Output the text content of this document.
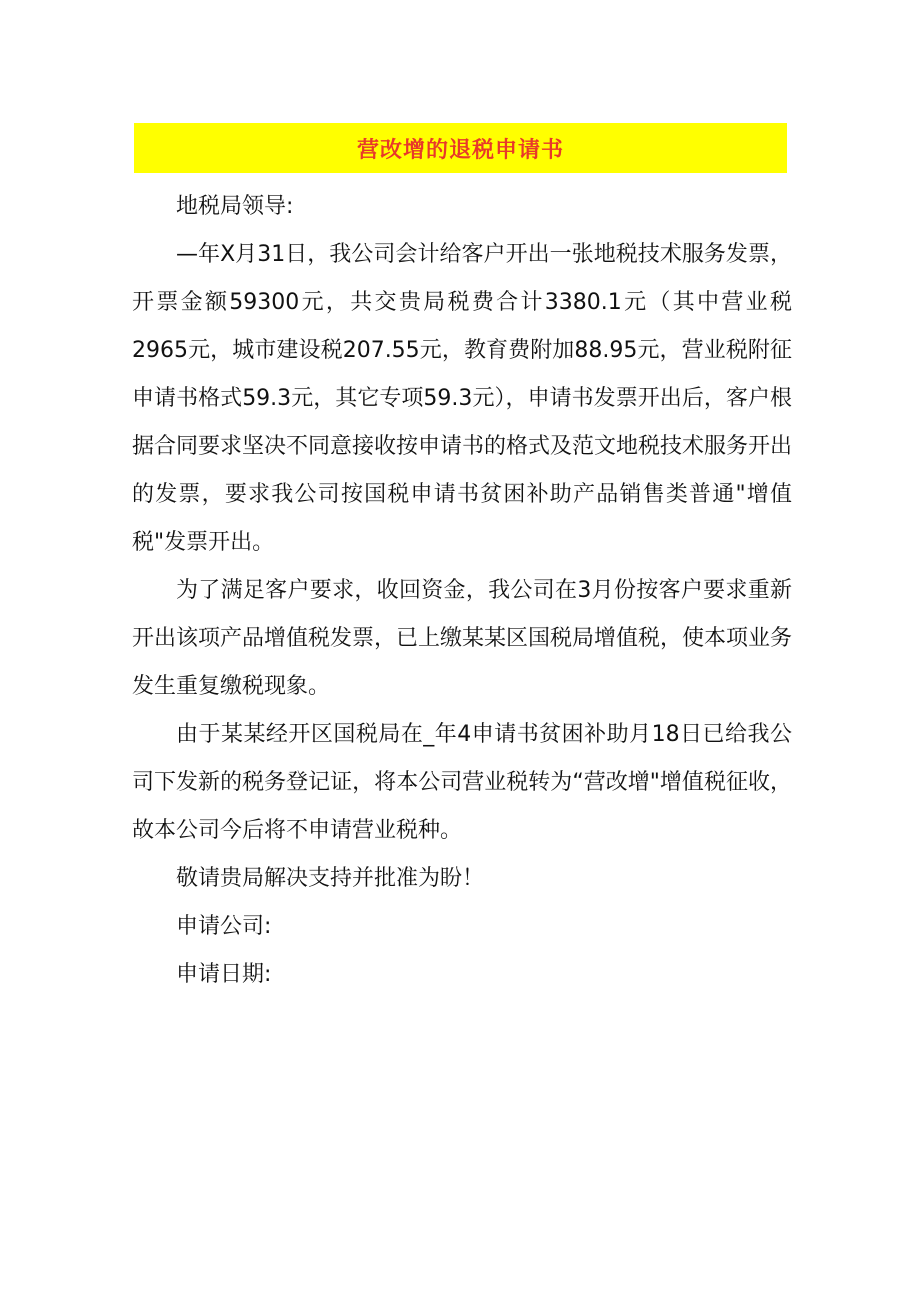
营改增的退税申请书

地税局领导:

—年X月31日，我公司会计给客户开出一张地税技术服务发票，开票金额59300元，共交贵局税费合计3380.1元（其中营业税2965元，城市建设税207.55元，教育费附加88.95元，营业税附征申请书格式59.3元，其它专项59.3元），申请书发票开出后，客户根据合同要求坚决不同意接收按申请书的格式及范文地税技术服务开出的发票，要求我公司按国税申请书贫困补助产品销售类普通"增值税"发票开出。

为了满足客户要求，收回资金，我公司在3月份按客户要求重新开出该项产品增值税发票，已上缴某某区国税局增值税，使本项业务发生重复缴税现象。

由于某某经开区国税局在_年4申请书贫困补助月18日已给我公司下发新的税务登记证，将本公司营业税转为“营改增"增值税征收，故本公司今后将不申请营业税种。

敬请贵局解决支持并批准为盼！

申请公司:

申请日期:
